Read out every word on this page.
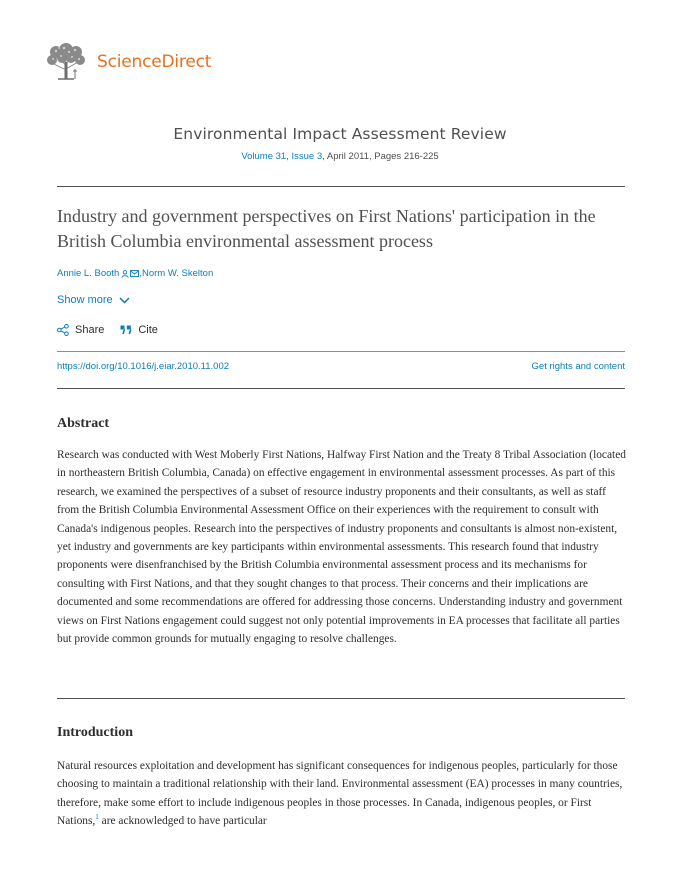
ScienceDirect
Environmental Impact Assessment Review
Volume 31, Issue 3, April 2011, Pages 216-225
Industry and government perspectives on First Nations' participation in the British Columbia environmental assessment process
Annie L. Booth , Norm W. Skelton
Show more
Share	Cite
https://doi.org/10.1016/j.eiar.2010.11.002	Get rights and content
Abstract
Research was conducted with West Moberly First Nations, Halfway First Nation and the Treaty 8 Tribal Association (located in northeastern British Columbia, Canada) on effective engagement in environmental assessment processes. As part of this research, we examined the perspectives of a subset of resource industry proponents and their consultants, as well as staff from the British Columbia Environmental Assessment Office on their experiences with the requirement to consult with Canada's indigenous peoples. Research into the perspectives of industry proponents and consultants is almost non-existent, yet industry and governments are key participants within environmental assessments. This research found that industry proponents were disenfranchised by the British Columbia environmental assessment process and its mechanisms for consulting with First Nations, and that they sought changes to that process. Their concerns and their implications are documented and some recommendations are offered for addressing those concerns. Understanding industry and government views on First Nations engagement could suggest not only potential improvements in EA processes that facilitate all parties but provide common grounds for mutually engaging to resolve challenges.
Introduction
Natural resources exploitation and development has significant consequences for indigenous peoples, particularly for those choosing to maintain a traditional relationship with their land. Environmental assessment (EA) processes in many countries, therefore, make some effort to include indigenous peoples in those processes. In Canada, indigenous peoples, or First Nations,$^1$ are acknowledged to have particular
